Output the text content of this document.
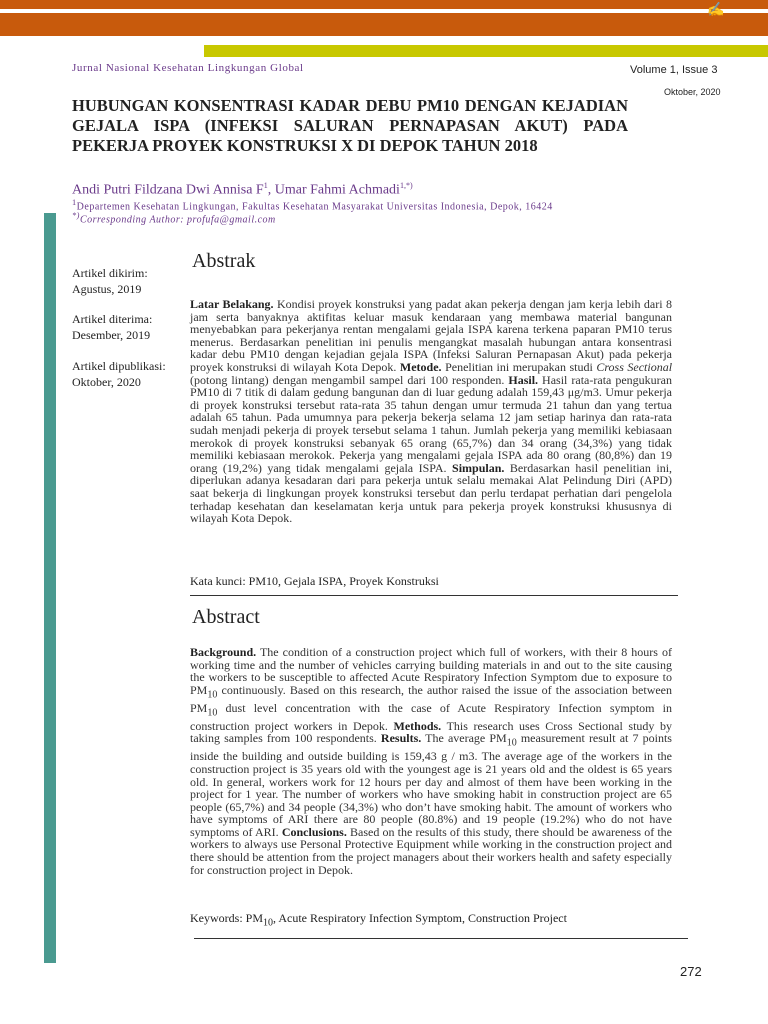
✍
Jurnal Nasional Kesehatan Lingkungan Global	Volume 1, Issue 3
Oktober, 2020
HUBUNGAN KONSENTRASI KADAR DEBU PM10 DENGAN KEJADIAN GEJALA ISPA (INFEKSI SALURAN PERNAPASAN AKUT) PADA PEKERJA PROYEK KONSTRUKSI X DI DEPOK TAHUN 2018
Andi Putri Fildzana Dwi Annisa $F^1$, Umar Fahmi Achmadi$^{1,*)}$
$^1$Departemen Kesehatan Lingkungan, Fakultas Kesehatan Masyarakat Universitas Indonesia, Depok, 16424
*)Corresponding Author: profufa@gmail.com
Artikel dikirim:
Agustus, 2019
Artikel diterima:
Desember, 2019
Artikel dipublikasi:
Oktober, 2020
Abstrak
Latar Belakang. Kondisi proyek konstruksi yang padat akan pekerja dengan jam kerja lebih dari 8 jam serta banyaknya aktifitas keluar masuk kendaraan yang membawa material bangunan menyebabkan para pekerjanya rentan mengalami gejala ISPA karena terkena paparan PM10 terus menerus. Berdasarkan penelitian ini penulis mengangkat masalah hubungan antara konsentrasi kadar debu PM10 dengan kejadian gejala ISPA (Infeksi Saluran Pernapasan Akut) pada pekerja proyek konstruksi di wilayah Kota Depok. Metode. Penelitian ini merupakan studi Cross Sectional (potong lintang) dengan mengambil sampel dari 100 responden. Hasil. Hasil rata-rata pengukuran PM10 di 7 titik di dalam gedung bangunan dan di luar gedung adalah 159,43 μg/m3. Umur pekerja di proyek konstruksi tersebut rata-rata 35 tahun dengan umur termuda 21 tahun dan yang tertua adalah 65 tahun. Pada umumnya para pekerja bekerja selama 12 jam setiap harinya dan rata-rata sudah menjadi pekerja di proyek tersebut selama 1 tahun. Jumlah pekerja yang memiliki kebiasaan merokok di proyek konstruksi sebanyak 65 orang (65,7%) dan 34 orang (34,3%) yang tidak memiliki kebiasaan merokok. Pekerja yang mengalami gejala ISPA ada 80 orang (80,8%) dan 19 orang (19,2%) yang tidak mengalami gejala ISPA. Simpulan. Berdasarkan hasil penelitian ini, diperlukan adanya kesadaran dari para pekerja untuk selalu memakai Alat Pelindung Diri (APD) saat bekerja di lingkungan proyek konstruksi tersebut dan perlu terdapat perhatian dari pengelola terhadap kesehatan dan keselamatan kerja untuk para pekerja proyek konstruksi khususnya di wilayah Kota Depok.
Kata kunci: PM10, Gejala ISPA, Proyek Konstruksi
Abstract
Background. The condition of a construction project which full of workers, with their 8 hours of working time and the number of vehicles carrying building materials in and out to the site causing the workers to be susceptible to affected Acute Respiratory Infection Symptom due to exposure to $PM_{10}$ continuously. Based on this research, the author raised the issue of the association between $PM_{10}$ dust level concentration with the case of Acute Respiratory Infection symptom in construction project workers in Depok. Methods. This research uses Cross Sectional study by taking samples from 100 respondents. Results. The average $PM_{10}$ measurement result at 7 points inside the building and outside building is 159,43 g / m3. The average age of the workers in the construction project is 35 years old with the youngest age is 21 years old and the oldest is 65 years old. In general, workers work for 12 hours per day and almost of them have been working in the project for 1 year. The number of workers who have smoking habit in construction project are 65 people (65,7%) and 34 people (34,3%) who don’t have smoking habit. The amount of workers who have symptoms of ARI there are 80 people (80.8%) and 19 people (19.2%) who do not have symptoms of ARI. Conclusions. Based on the results of this study, there should be awareness of the workers to always use Personal Protective Equipment while working in the construction project and there should be attention from the project managers about their workers health and safety especially for construction project in Depok.
Keywords: $PM_{10}$, Acute Respiratory Infection Symptom, Construction Project
272
